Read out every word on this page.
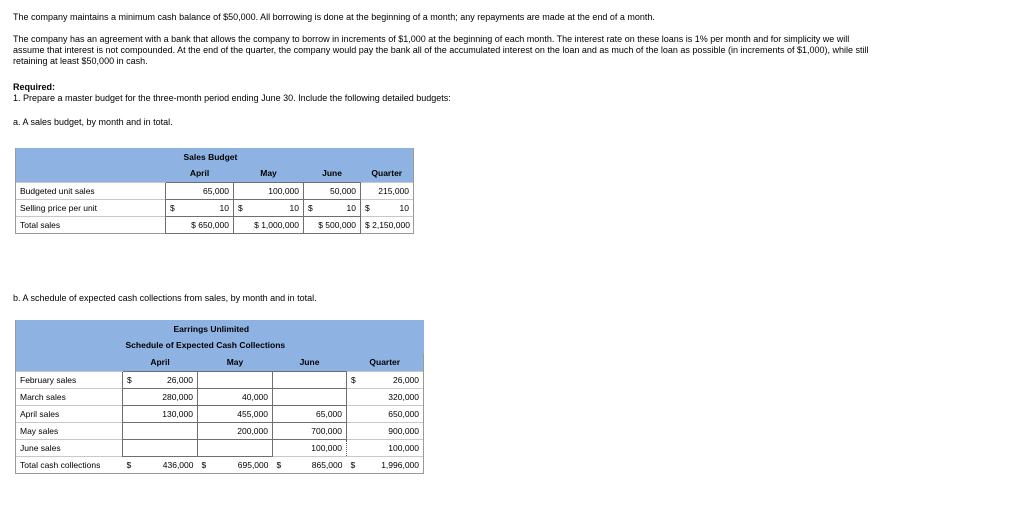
The company maintains a minimum cash balance of $50,000. All borrowing is done at the beginning of a month; any repayments are made at the end of a month.

The company has an agreement with a bank that allows the company to borrow in increments of $1,000 at the beginning of each month. The interest rate on these loans is 1% per month and for simplicity we will

assume that interest is not compounded. At the end of the quarter, the company would pay the bank all of the accumulated interest on the loan and as much of the loan as possible (in increments of $1,000), while still

retaining at least $50,000 in cash.

Required:

1. Prepare a master budget for the three-month period ending June 30. Include the following detailed budgets:

a. A sales budget, by month and in total.

	Sales Budget			
	April	May	June	Quarter
Budgeted unit sales	65,000	100,000	50,000	215,000
Selling price per unit	$ 10	$ 10	$ 10	$ 10

Total sales	$ 650,000	$ 1,000,000	$ 500,000	$ 2,150,000

b. A schedule of expected cash collections from sales, by month and in total.

		Earrings Unlimited			

		Schedule of Expected Cash Collections			

	April		May	June	Quarter
February sales	$	26,000			$ 26,000

March sales		280,000	40,000		320,000
April sales		130,000	455,000	65,000	650,000
May sales			200,000	700,000	900,000
June sales				100,000	100,000
Total cash collections	$	436,000	$ 695,000	$ 865,000	$ 1,996,000
